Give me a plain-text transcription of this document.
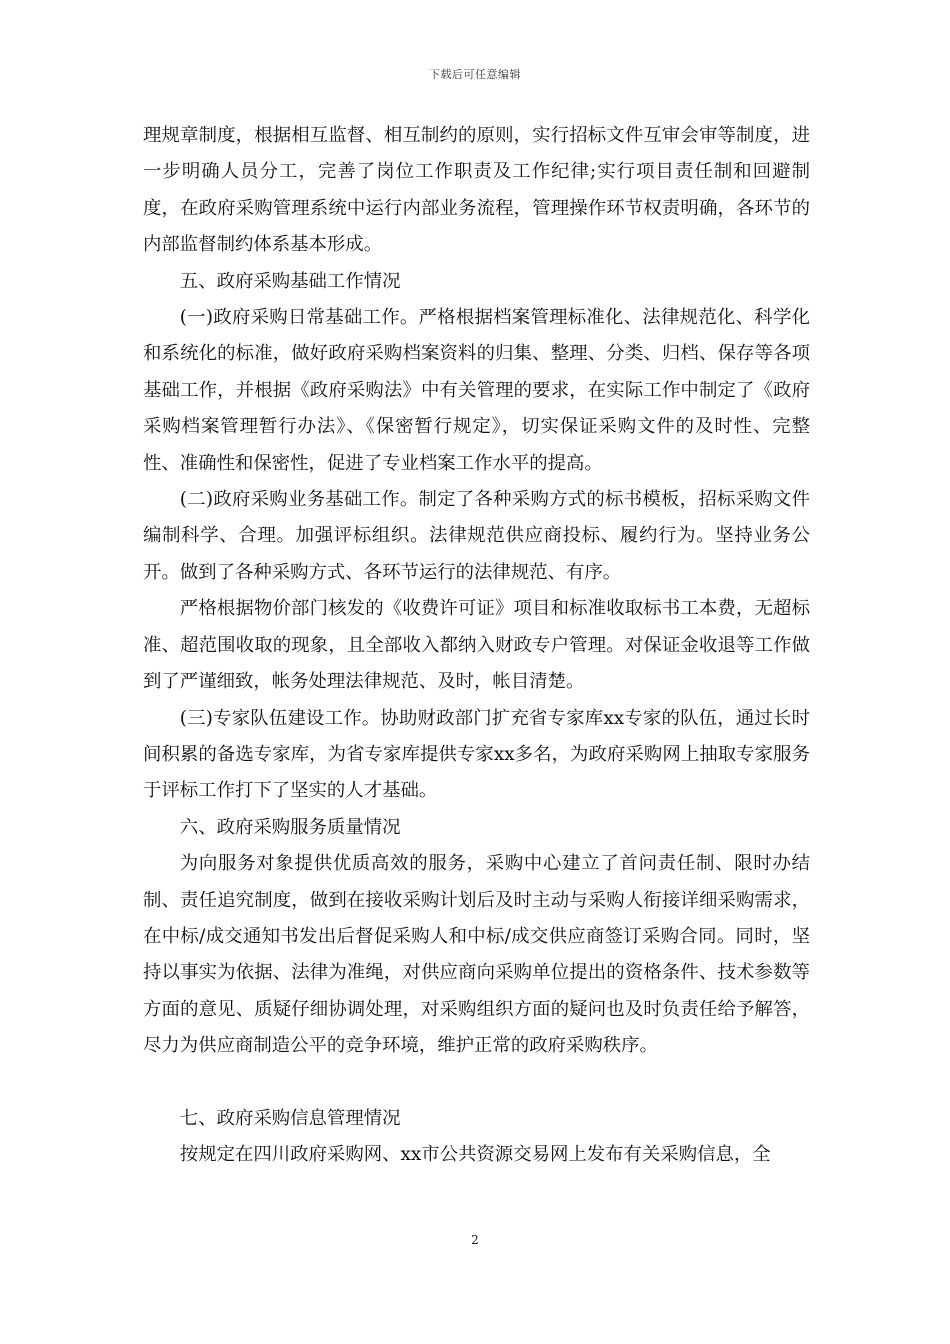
下载后可任意编辑

理规章制度，根据相互监督、相互制约的原则，实行招标文件互审会审等制度，进一步明确人员分工，完善了岗位工作职责及工作纪律;实行项目责任制和回避制度，在政府采购管理系统中运行内部业务流程，管理操作环节权责明确，各环节的内部监督制约体系基本形成。

五、政府采购基础工作情况

(一)政府采购日常基础工作。严格根据档案管理标准化、法律规范化、科学化和系统化的标准，做好政府采购档案资料的归集、整理、分类、归档、保存等各项基础工作，并根据《政府采购法》中有关管理的要求，在实际工作中制定了《政府采购档案管理暂行办法》、《保密暂行规定》，切实保证采购文件的及时性、完整性、准确性和保密性，促进了专业档案工作水平的提高。

(二)政府采购业务基础工作。制定了各种采购方式的标书模板，招标采购文件编制科学、合理。加强评标组织。法律规范供应商投标、履约行为。坚持业务公开。做到了各种采购方式、各环节运行的法律规范、有序。

严格根据物价部门核发的《收费许可证》项目和标准收取标书工本费，无超标准、超范围收取的现象，且全部收入都纳入财政专户管理。对保证金收退等工作做到了严谨细致，帐务处理法律规范、及时，帐目清楚。

(三)专家队伍建设工作。协助财政部门扩充省专家库xx专家的队伍，通过长时间积累的备选专家库，为省专家库提供专家xx多名，为政府采购网上抽取专家服务于评标工作打下了坚实的人才基础。

六、政府采购服务质量情况

为向服务对象提供优质高效的服务，采购中心建立了首问责任制、限时办结制、责任追究制度，做到在接收采购计划后及时主动与采购人衔接详细采购需求，在中标/成交通知书发出后督促采购人和中标/成交供应商签订采购合同。同时，坚持以事实为依据、法律为准绳，对供应商向采购单位提出的资格条件、技术参数等方面的意见、质疑仔细协调处理，对采购组织方面的疑问也及时负责任给予解答，尽力为供应商制造公平的竞争环境，维护正常的政府采购秩序。

七、政府采购信息管理情况

按规定在四川政府采购网、xx市公共资源交易网上发布有关采购信息，全

2
